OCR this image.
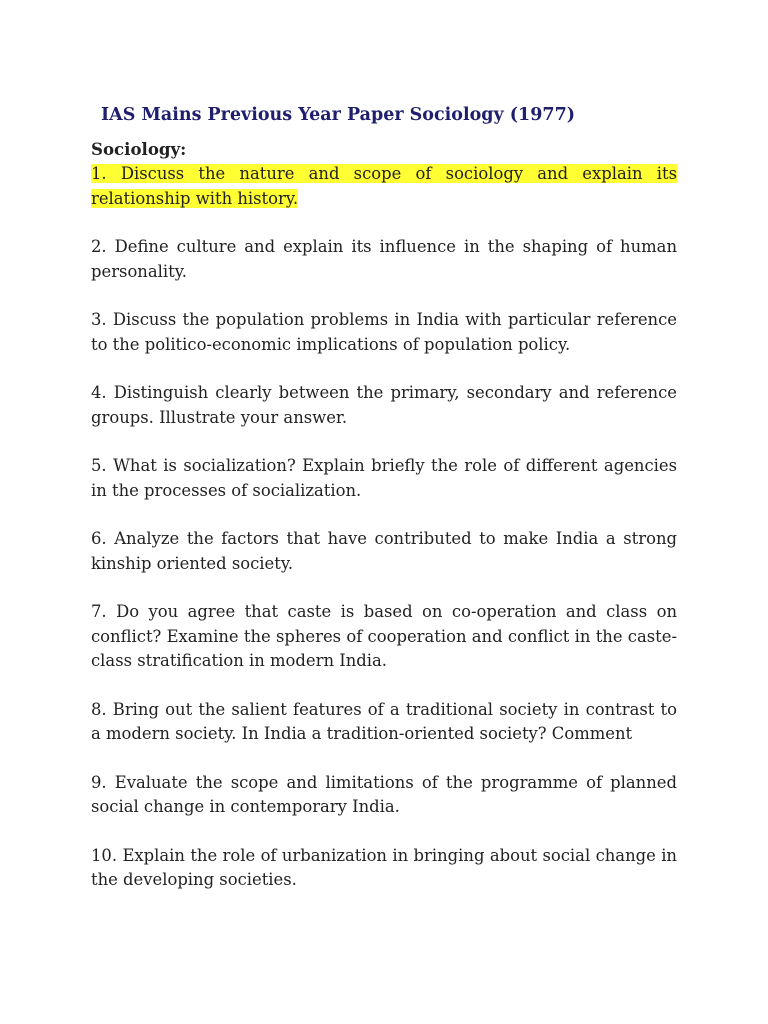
IAS Mains Previous Year Paper Sociology (1977)
Sociology:
1. Discuss the nature and scope of sociology and explain its relationship with history.
2. Define culture and explain its influence in the shaping of human personality.
3. Discuss the population problems in India with particular reference to the politico-economic implications of population policy.
4. Distinguish clearly between the primary, secondary and reference groups. Illustrate your answer.
5. What is socialization? Explain briefly the role of different agencies in the processes of socialization.
6. Analyze the factors that have contributed to make India a strong kinship oriented society.
7. Do you agree that caste is based on co-operation and class on conflict? Examine the spheres of cooperation and conflict in the caste-class stratification in modern India.
8. Bring out the salient features of a traditional society in contrast to a modern society. In India a tradition-oriented society? Comment
9. Evaluate the scope and limitations of the programme of planned social change in contemporary India.
10. Explain the role of urbanization in bringing about social change in the developing societies.
